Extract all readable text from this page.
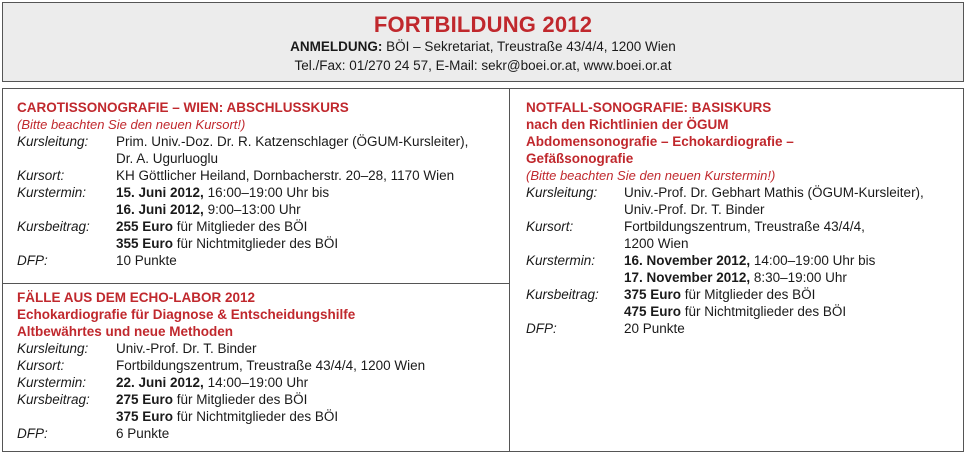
FORTBILDUNG 2012
ANMELDUNG: BÖI – Sekretariat, Treustraße 43/4/4, 1200 Wien
Tel./Fax: 01/270 24 57, E-Mail: sekr@boei.or.at, www.boei.or.at
CAROTISSONOGRAFIE – WIEN: ABSCHLUSSKURS
(Bitte beachten Sie den neuen Kursort!)
Kursleitung:	Prim. Univ.-Doz. Dr. R. Katzenschlager (ÖGUM-Kursleiter),
	Dr. A. Ugurluoglu
Kursort:	KH Göttlicher Heiland, Dornbacherstr. 20–28, 1170 Wien
Kurstermin:	15. Juni 2012, 16:00–19:00 Uhr bis
	16. Juni 2012, 9:00–13:00 Uhr
Kursbeitrag:	255 Euro für Mitglieder des BÖI
	355 Euro für Nichtmitglieder des BÖI
DFP:	10 Punkte
FÄLLE AUS DEM ECHO-LABOR 2012
Echokardiografie für Diagnose & Entscheidungshilfe
Altbewährtes und neue Methoden
Kursleitung:	Univ.-Prof. Dr. T. Binder
Kursort:	Fortbildungszentrum, Treustraße 43/4/4, 1200 Wien
Kurstermin:	22. Juni 2012, 14:00–19:00 Uhr
Kursbeitrag:	275 Euro für Mitglieder des BÖI
	375 Euro für Nichtmitglieder des BÖI
DFP:	6 Punkte
NOTFALL-SONOGRAFIE: BASISKURS
nach den Richtlinien der ÖGUM
Abdomensonografie – Echokardiografie –
Gefäßsonografie
(Bitte beachten Sie den neuen Kurstermin!)
Kursleitung:	Univ.-Prof. Dr. Gebhart Mathis (ÖGUM-Kursleiter),
	Univ.-Prof. Dr. T. Binder
Kursort:	Fortbildungszentrum, Treustraße 43/4/4,
	1200 Wien
Kurstermin:	16. November 2012, 14:00–19:00 Uhr bis
	17. November 2012, 8:30–19:00 Uhr
Kursbeitrag:	375 Euro für Mitglieder des BÖI
	475 Euro für Nichtmitglieder des BÖI
DFP:	20 Punkte
